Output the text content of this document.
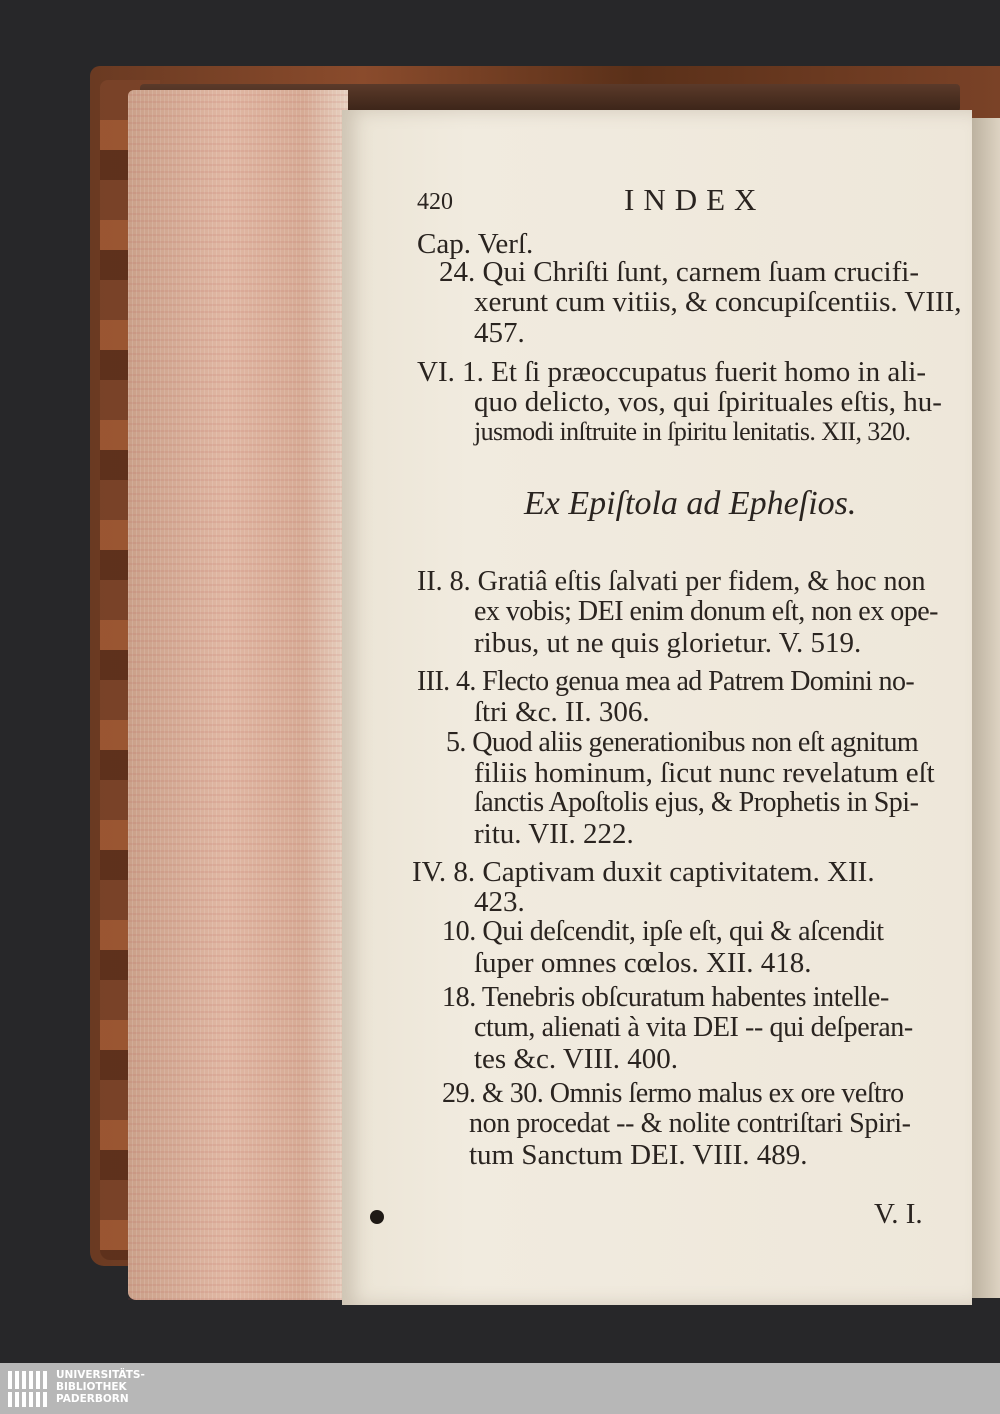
420	INDEX
Cap. Verſ.
24. Qui Chriſti ſunt, carnem ſuam crucifi-
xerunt cum vitiis, & concupiſcentiis. VIII,
457.
VI. 1. Et ſi præoccupatus fuerit homo in ali-
quo delicto, vos, qui ſpirituales eſtis, hu-
jusmodi inſtruite in ſpiritu lenitatis. XII, 320.
Ex Epiſtola ad Epheſios.
II. 8. Gratiâ eſtis ſalvati per fidem, & hoc non
ex vobis; DEI enim donum eſt, non ex ope-
ribus, ut ne quis glorietur. V. 519.
III. 4. Flecto genua mea ad Patrem Domini no-
ſtri &c. II. 306.
5. Quod aliis generationibus non eſt agnitum
filiis hominum, ſicut nunc revelatum eſt
ſanctis Apoſtolis ejus, & Prophetis in Spi-
ritu. VII. 222.
IV. 8. Captivam duxit captivitatem. XII.
423.
10. Qui deſcendit, ipſe eſt, qui & aſcendit
ſuper omnes cœlos. XII. 418.
18. Tenebris obſcuratum habentes intelle-
ctum, alienati à vita DEI -- qui deſperan-
tes &c. VIII. 400.
29. & 30. Omnis ſermo malus ex ore veſtro
non procedat -- & nolite contriſtari Spiri-
tum Sanctum DEI. VIII. 489.
V. I.
UNIVERSITÄTS-
BIBLIOTHEK
PADERBORN
